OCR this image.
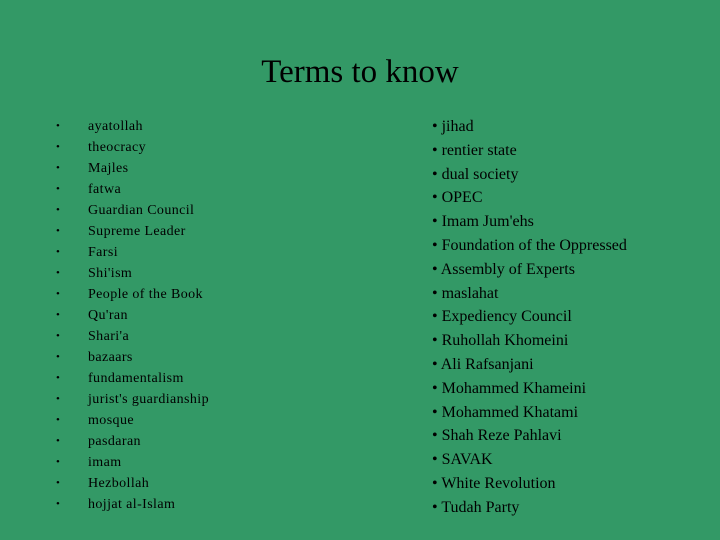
Terms to know
•	ayatollah
•	theocracy
•	Majles
•	fatwa
•	Guardian Council
•	Supreme Leader
•	Farsi
•	Shi'ism
•	People of the Book
•	Qu'ran
•	Shari'a
•	bazaars
•	fundamentalism
•	jurist's guardianship
•	mosque
•	pasdaran
•	imam
•	Hezbollah
•	hojjat al-Islam
• jihad
• rentier state
• dual society
• OPEC
• Imam Jum'ehs
• Foundation of the Oppressed
• Assembly of Experts
• maslahat
• Expediency Council
• Ruhollah Khomeini
• Ali Rafsanjani
• Mohammed Khameini
• Mohammed Khatami
• Shah Reze Pahlavi
• SAVAK
• White Revolution
• Tudah Party
